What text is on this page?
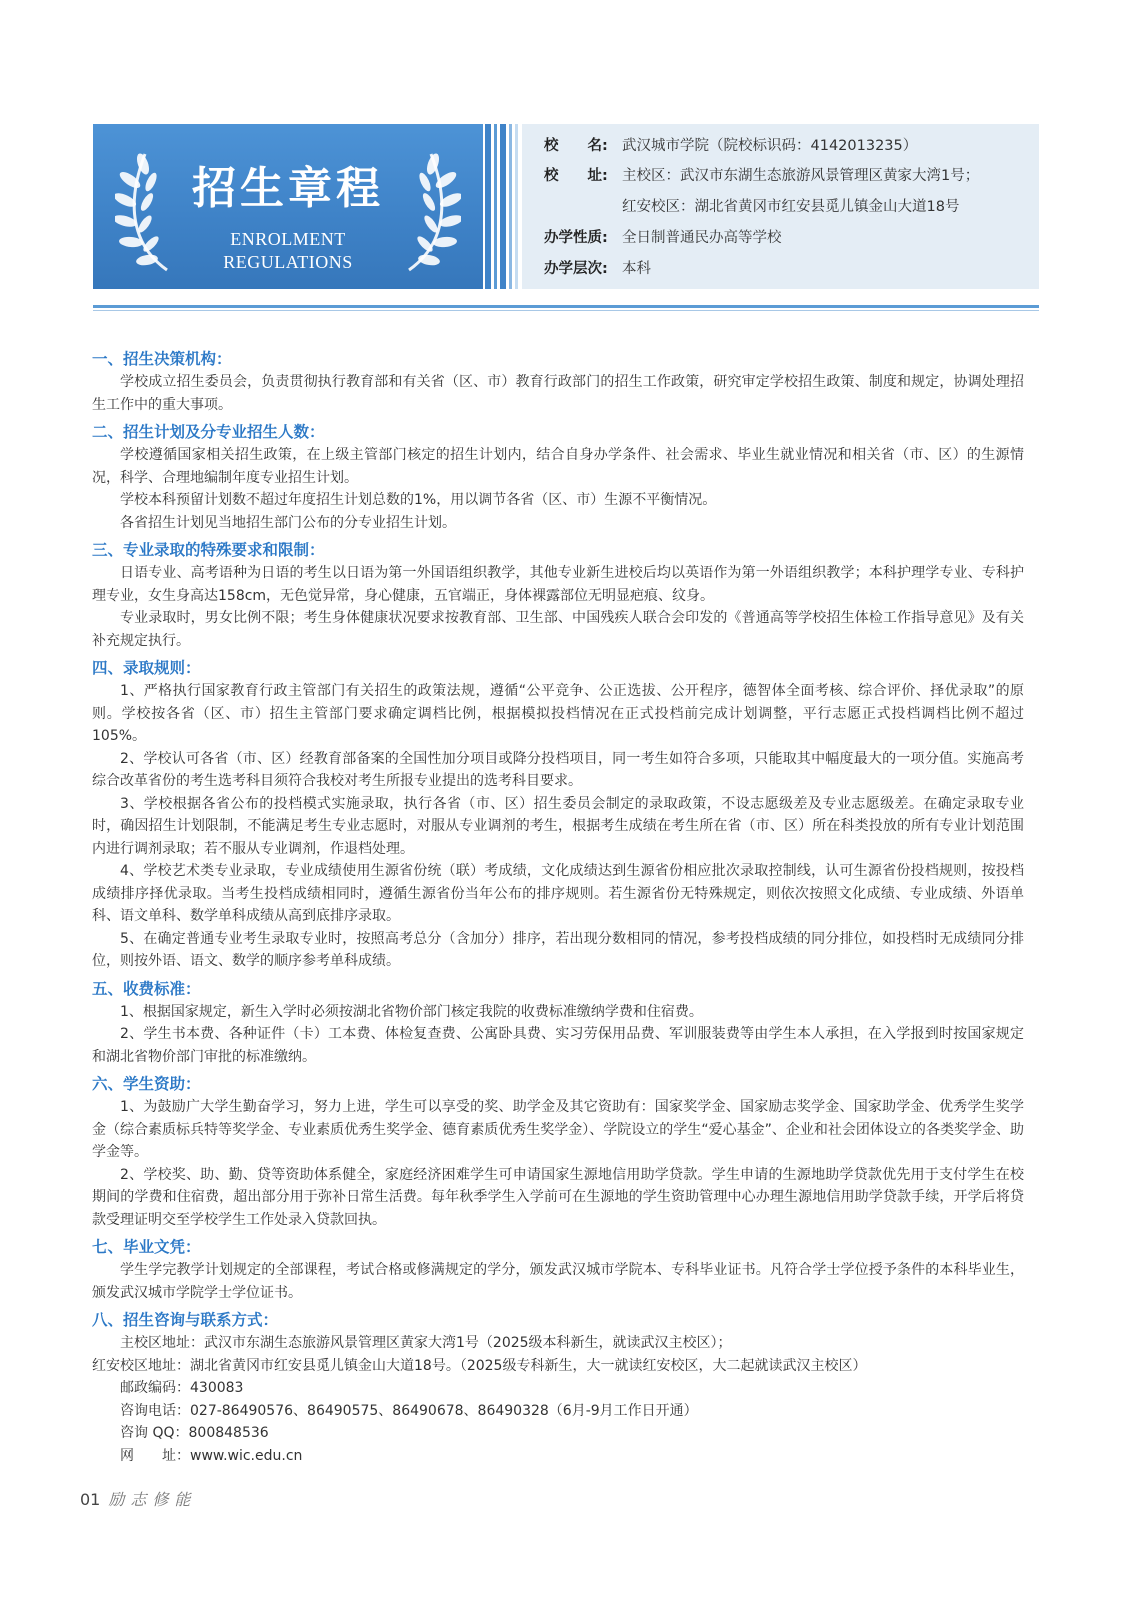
招生章程
ENROLMENT
REGULATIONS
校　　名: 武汉城市学院（院校标识码：4142013235）
校　　址: 主校区：武汉市东湖生态旅游风景管理区黄家大湾1号；
红安校区：湖北省黄冈市红安县觅儿镇金山大道18号
办学性质: 全日制普通民办高等学校
办学层次: 本科
一、招生决策机构：
学校成立招生委员会，负责贯彻执行教育部和有关省（区、市）教育行政部门的招生工作政策，研究审定学校招生政策、制度和规定，协调处理招生工作中的重大事项。
二、招生计划及分专业招生人数：
学校遵循国家相关招生政策，在上级主管部门核定的招生计划内，结合自身办学条件、社会需求、毕业生就业情况和相关省（市、区）的生源情况，科学、合理地编制年度专业招生计划。
学校本科预留计划数不超过年度招生计划总数的1%，用以调节各省（区、市）生源不平衡情况。
各省招生计划见当地招生部门公布的分专业招生计划。
三、专业录取的特殊要求和限制：
日语专业、高考语种为日语的考生以日语为第一外国语组织教学，其他专业新生进校后均以英语作为第一外语组织教学；本科护理学专业、专科护理专业，女生身高达158cm，无色觉异常，身心健康，五官端正，身体裸露部位无明显疤痕、纹身。
专业录取时，男女比例不限；考生身体健康状况要求按教育部、卫生部、中国残疾人联合会印发的《普通高等学校招生体检工作指导意见》及有关补充规定执行。
四、录取规则：
1、严格执行国家教育行政主管部门有关招生的政策法规，遵循“公平竞争、公正选拔、公开程序，德智体全面考核、综合评价、择优录取”的原则。学校按各省（区、市）招生主管部门要求确定调档比例，根据模拟投档情况在正式投档前完成计划调整，平行志愿正式投档调档比例不超过105%。
2、学校认可各省（市、区）经教育部备案的全国性加分项目或降分投档项目，同一考生如符合多项，只能取其中幅度最大的一项分值。实施高考综合改革省份的考生选考科目须符合我校对考生所报专业提出的选考科目要求。
3、学校根据各省公布的投档模式实施录取，执行各省（市、区）招生委员会制定的录取政策，不设志愿级差及专业志愿级差。在确定录取专业时，确因招生计划限制，不能满足考生专业志愿时，对服从专业调剂的考生，根据考生成绩在考生所在省（市、区）所在科类投放的所有专业计划范围内进行调剂录取；若不服从专业调剂，作退档处理。
4、学校艺术类专业录取，专业成绩使用生源省份统（联）考成绩，文化成绩达到生源省份相应批次录取控制线，认可生源省份投档规则，按投档成绩排序择优录取。当考生投档成绩相同时，遵循生源省份当年公布的排序规则。若生源省份无特殊规定，则依次按照文化成绩、专业成绩、外语单科、语文单科、数学单科成绩从高到底排序录取。
5、在确定普通专业考生录取专业时，按照高考总分（含加分）排序，若出现分数相同的情况，参考投档成绩的同分排位，如投档时无成绩同分排位，则按外语、语文、数学的顺序参考单科成绩。
五、收费标准：
1、根据国家规定，新生入学时必须按湖北省物价部门核定我院的收费标准缴纳学费和住宿费。
2、学生书本费、各种证件（卡）工本费、体检复查费、公寓卧具费、实习劳保用品费、军训服装费等由学生本人承担，在入学报到时按国家规定和湖北省物价部门审批的标准缴纳。
六、学生资助：
1、为鼓励广大学生勤奋学习，努力上进，学生可以享受的奖、助学金及其它资助有：国家奖学金、国家励志奖学金、国家助学金、优秀学生奖学金（综合素质标兵特等奖学金、专业素质优秀生奖学金、德育素质优秀生奖学金）、学院设立的学生“爱心基金”、企业和社会团体设立的各类奖学金、助学金等。
2、学校奖、助、勤、贷等资助体系健全，家庭经济困难学生可申请国家生源地信用助学贷款。学生申请的生源地助学贷款优先用于支付学生在校期间的学费和住宿费，超出部分用于弥补日常生活费。每年秋季学生入学前可在生源地的学生资助管理中心办理生源地信用助学贷款手续，开学后将贷款受理证明交至学校学生工作处录入贷款回执。
七、毕业文凭：
学生学完教学计划规定的全部课程，考试合格或修满规定的学分，颁发武汉城市学院本、专科毕业证书。凡符合学士学位授予条件的本科毕业生，颁发武汉城市学院学士学位证书。
八、招生咨询与联系方式：
主校区地址：武汉市东湖生态旅游风景管理区黄家大湾1号（2025级本科新生，就读武汉主校区）；
红安校区地址：湖北省黄冈市红安县觅儿镇金山大道18号。（2025级专科新生，大一就读红安校区，大二起就读武汉主校区）
邮政编码：430083
咨询电话：027-86490576、86490575、86490678、86490328（6月-9月工作日开通）
咨询 QQ：800848536
网　　址：www.wic.edu.cn
01 励志修能
